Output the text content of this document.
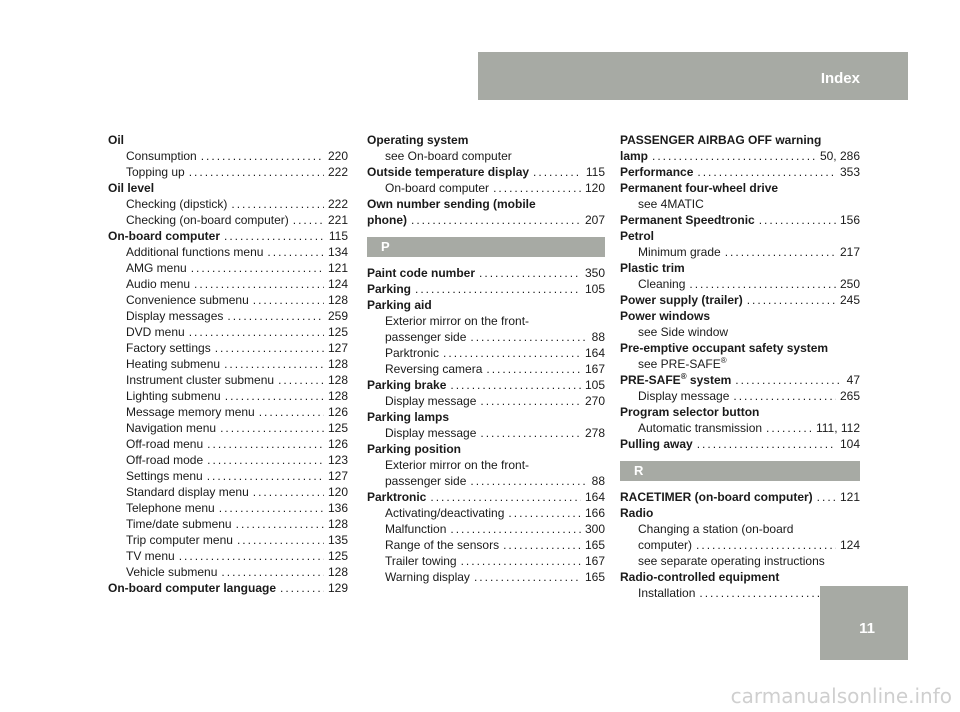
Index
Oil
Consumption .....	220
Topping up .....	222
Oil level
Checking (dipstick) .....	222
Checking (on-board computer) .....	221
On-board computer .....	115
Additional functions menu .....	134
AMG menu .....	121
Audio menu .....	124
Convenience submenu .....	128
Display messages .....	259
DVD menu .....	125
Factory settings .....	127
Heating submenu .....	128
Instrument cluster submenu .....	128
Lighting submenu .....	128
Message memory menu .....	126
Navigation menu .....	125
Off-road menu .....	126
Off-road mode .....	123
Settings menu .....	127
Standard display menu .....	120
Telephone menu .....	136
Time/date submenu .....	128
Trip computer menu .....	135
TV menu .....	125
Vehicle submenu .....	128
On-board computer language .....	129
Operating system
see On-board computer
Outside temperature display .....	115
On-board computer .....	120
Own number sending (mobile
phone) .....	207
P
Paint code number .....	350
Parking .....	105
Parking aid
Exterior mirror on the front-
passenger side .....	88
Parktronic .....	164
Reversing camera .....	167
Parking brake .....	105
Display message .....	270
Parking lamps
Display message .....	278
Parking position
Exterior mirror on the front-
passenger side .....	88
Parktronic .....	164
Activating/deactivating .....	166
Malfunction .....	300
Range of the sensors .....	165
Trailer towing .....	167
Warning display .....	165
PASSENGER AIRBAG OFF warning
lamp .....	50, 286
Performance .....	353
Permanent four-wheel drive
see 4MATIC
Permanent Speedtronic .....	156
Petrol
Minimum grade .....	217
Plastic trim
Cleaning .....	250
Power supply (trailer) .....	245
Power windows
see Side window
Pre-emptive occupant safety system
see PRE-SAFE®
PRE-SAFE® system .....	47
Display message .....	265
Program selector button
Automatic transmission .....	111, 112
Pulling away .....	104
R
RACETIMER (on-board computer) ..... 121
Radio
Changing a station (on-board
computer) .....	124
see separate operating instructions
Radio-controlled equipment
Installation
.....
11
carmanualsonline.info
